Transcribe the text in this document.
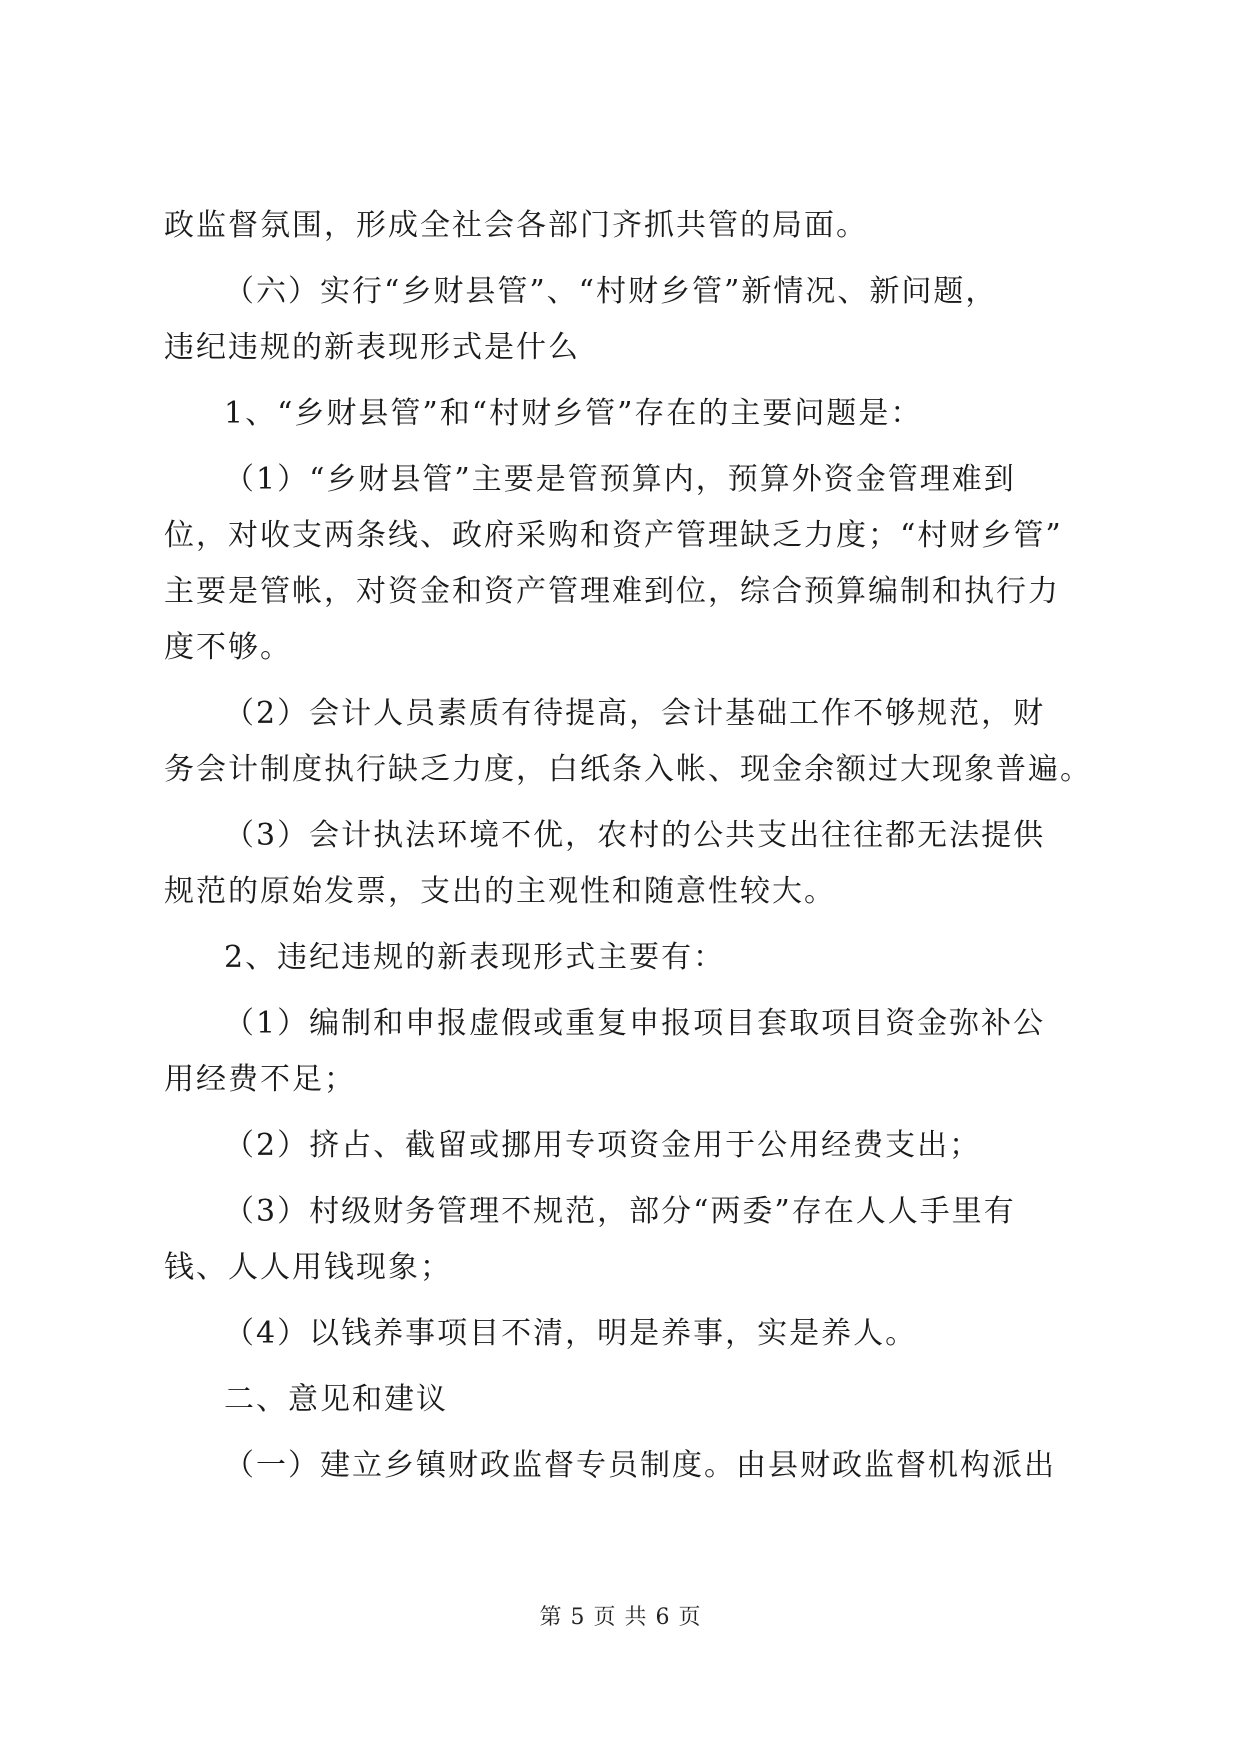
政监督氛围，形成全社会各部门齐抓共管的局面。
（六）实行“乡财县管”、“村财乡管”新情况、新问题，
违纪违规的新表现形式是什么
1、“乡财县管”和“村财乡管”存在的主要问题是：
（1）“乡财县管”主要是管预算内，预算外资金管理难到
位，对收支两条线、政府采购和资产管理缺乏力度；“村财乡管”
主要是管帐，对资金和资产管理难到位，综合预算编制和执行力
度不够。
（2）会计人员素质有待提高，会计基础工作不够规范，财
务会计制度执行缺乏力度，白纸条入帐、现金余额过大现象普遍。
（3）会计执法环境不优，农村的公共支出往往都无法提供
规范的原始发票，支出的主观性和随意性较大。
2、违纪违规的新表现形式主要有：
（1）编制和申报虚假或重复申报项目套取项目资金弥补公
用经费不足；
（2）挤占、截留或挪用专项资金用于公用经费支出；
（3）村级财务管理不规范，部分“两委”存在人人手里有
钱、人人用钱现象；
（4）以钱养事项目不清，明是养事，实是养人。
二、意见和建议
（一）建立乡镇财政监督专员制度。由县财政监督机构派出
第 5 页 共 6 页
